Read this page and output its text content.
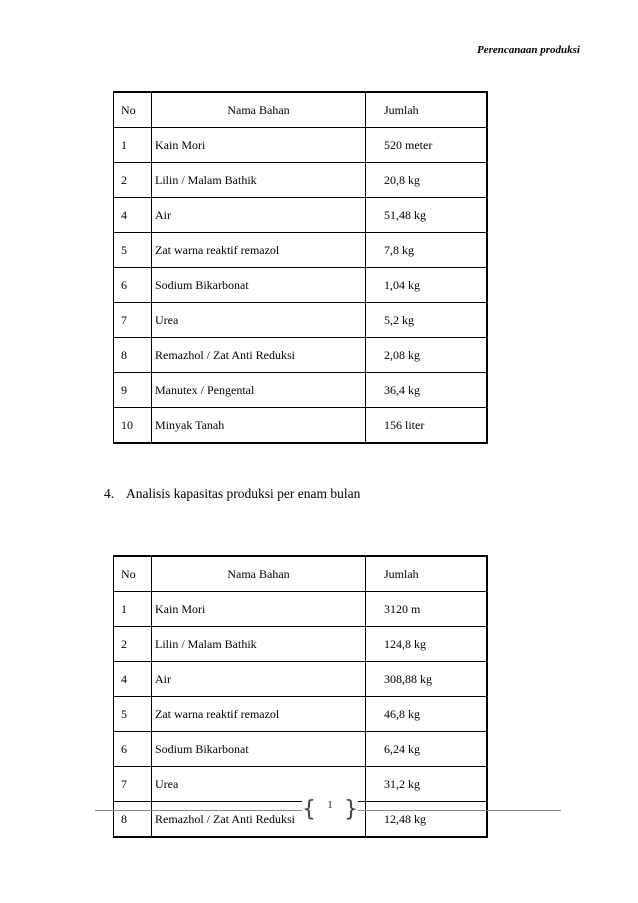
Perencanaan produksi
No	Nama Bahan	Jumlah
1	Kain Mori	520 meter
2	Lilin / Malam Bathik	20,8 kg
4	Air	51,48 kg
5	Zat warna reaktif remazol	7,8 kg
6	Sodium Bikarbonat	1,04 kg
7	Urea	5,2 kg
8	Remazhol / Zat Anti Reduksi	2,08 kg
9	Manutex / Pengental	36,4 kg
10	Minyak Tanah	156 liter
4. Analisis kapasitas produksi per enam bulan
No	Nama Bahan	Jumlah
1	Kain Mori	3120 m
2	Lilin / Malam Bathik	124,8 kg
4	Air	308,88 kg
5	Zat warna reaktif remazol	46,8 kg
6	Sodium Bikarbonat	6,24 kg
7	Urea	31,2 kg
8	Remazhol / Zat Anti Reduksi	12,48 kg
{	1 }
